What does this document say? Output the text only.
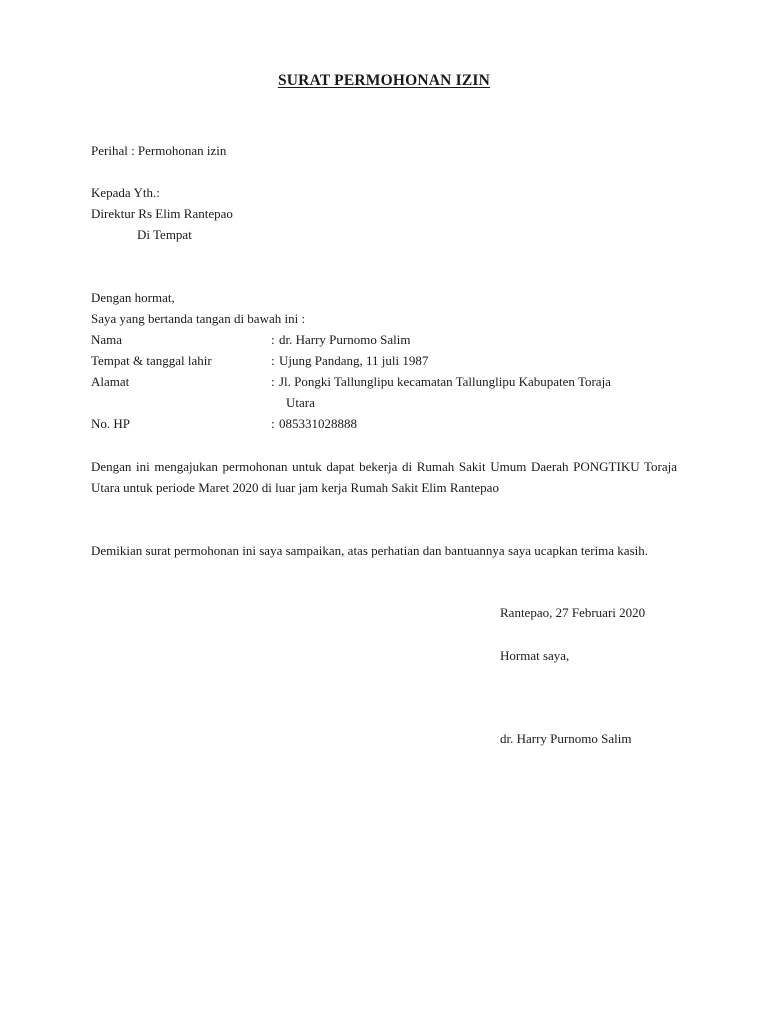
SURAT PERMOHONAN IZIN
Perihal : Permohonan izin
Kepada Yth.:
Direktur Rs Elim Rantepao
Di Tempat
Dengan hormat,
Saya yang bertanda tangan di bawah ini :
Nama	: dr. Harry Purnomo Salim
Tempat & tanggal lahir	: Ujung Pandang, 11 juli 1987
Alamat	: Jl. Pongki Tallunglipu kecamatan Tallunglipu Kabupaten Toraja
Utara
No. HP	: 085331028888
Dengan ini mengajukan permohonan untuk dapat bekerja di Rumah Sakit Umum Daerah PONGTIKU Toraja Utara untuk periode Maret 2020 di luar jam kerja Rumah Sakit Elim Rantepao
Demikian surat permohonan ini saya sampaikan, atas perhatian dan bantuannya saya ucapkan terima kasih.
Rantepao, 27 Februari 2020
Hormat saya,
dr. Harry Purnomo Salim
